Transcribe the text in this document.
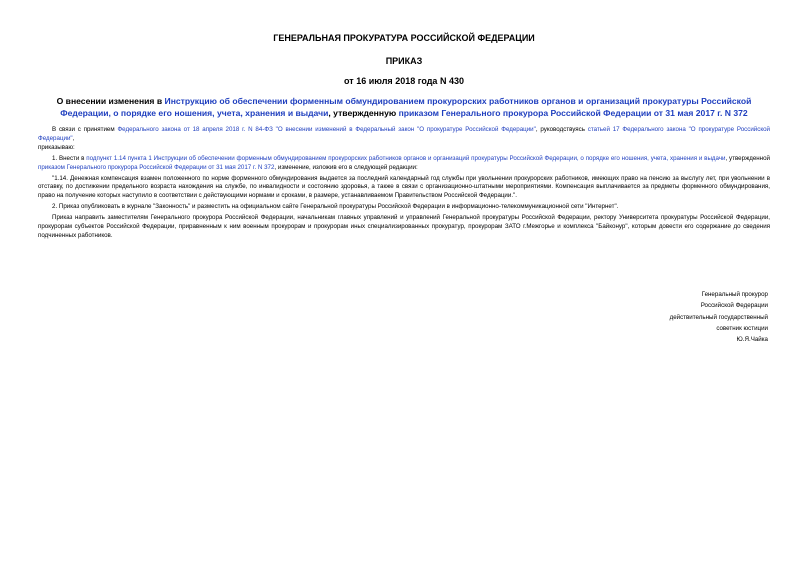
ГЕНЕРАЛЬНАЯ ПРОКУРАТУРА РОССИЙСКОЙ ФЕДЕРАЦИИ

ПРИКАЗ

от 16 июля 2018 года N 430

О внесении изменения в Инструкцию об обеспечении форменным обмундированием прокурорских работников органов и организаций прокуратуры Российской Федерации, о порядке его ношения, учета, хранения и выдачи, утвержденную приказом Генерального прокурора Российской Федерации от 31 мая 2017 г. N 372

В связи с принятием Федерального закона от 18 апреля 2018 г. N 84-ФЗ "О внесении изменений в Федеральный закон "О прокуратуре Российской Федерации", руководствуясь статьей 17 Федерального закона "О прокуратуре Российской Федерации",

приказываю:

1. Внести в подпункт 1.14 пункта 1 Инструкции об обеспечении форменным обмундированием прокурорских работников органов и организаций прокуратуры Российской Федерации, о порядке его ношения, учета, хранения и выдачи, утвержденной приказом Генерального прокурора Российской Федерации от 31 мая 2017 г. N 372, изменение, изложив его в следующей редакции:

"1.14. Денежная компенсация взамен положенного по норме форменного обмундирования выдается за последний календарный год службы при увольнении прокурорских работников, имеющих право на пенсию за выслугу лет, при увольнении в отставку, по достижении предельного возраста нахождения на службе, по инвалидности и состоянию здоровья, а также в связи с организационно-штатными мероприятиями. Компенсация выплачивается за предметы форменного обмундирования, право на получение которых наступило в соответствии с действующими нормами и сроками, в размере, устанавливаемом Правительством Российской Федерации.".

2. Приказ опубликовать в журнале "Законность" и разместить на официальном сайте Генеральной прокуратуры Российской Федерации в информационно-телекоммуникационной сети "Интернет".

Приказ направить заместителям Генерального прокурора Российской Федерации, начальникам главных управлений и управлений Генеральной прокуратуры Российской Федерации, ректору Университета прокуратуры Российской Федерации, прокурорам субъектов Российской Федерации, приравненным к ним военным прокурорам и прокурорам иных специализированных прокуратур, прокурорам ЗАТО г.Межгорье и комплекса "Байконур", которым довести его содержание до сведения подчиненных работников.

Генеральный прокурор
Российской Федерации
действительный государственный
советник юстиции
Ю.Я.Чайка
